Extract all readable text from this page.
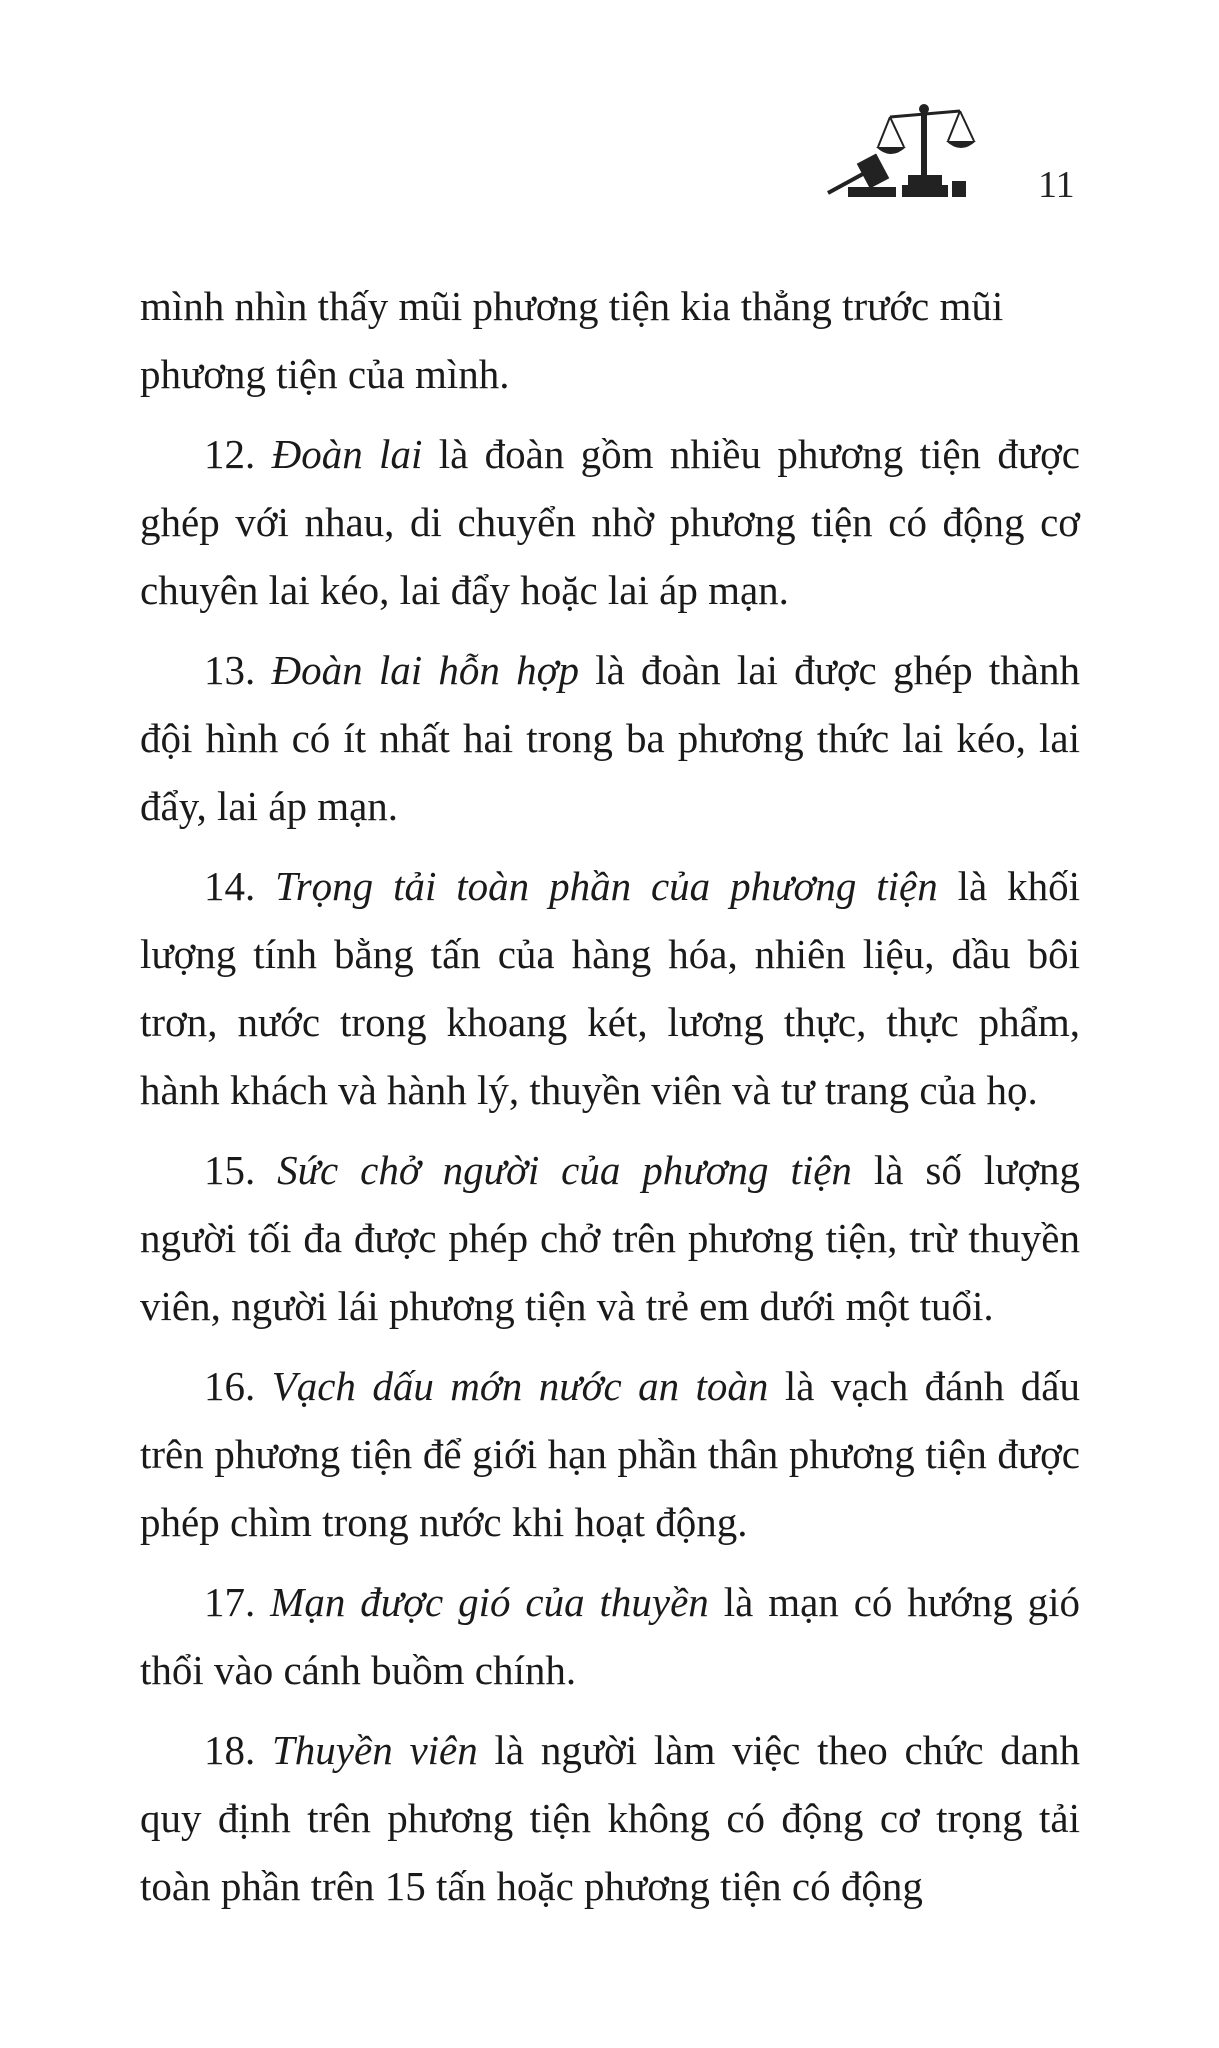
11

mình nhìn thấy mũi phương tiện kia thẳng trước mũi phương tiện của mình.

12. Đoàn lai là đoàn gồm nhiều phương tiện được ghép với nhau, di chuyển nhờ phương tiện có động cơ chuyên lai kéo, lai đẩy hoặc lai áp mạn.

13. Đoàn lai hỗn hợp là đoàn lai được ghép thành đội hình có ít nhất hai trong ba phương thức lai kéo, lai đẩy, lai áp mạn.

14. Trọng tải toàn phần của phương tiện là khối lượng tính bằng tấn của hàng hóa, nhiên liệu, dầu bôi trơn, nước trong khoang két, lương thực, thực phẩm, hành khách và hành lý, thuyền viên và tư trang của họ.

15. Sức chở người của phương tiện là số lượng người tối đa được phép chở trên phương tiện, trừ thuyền viên, người lái phương tiện và trẻ em dưới một tuổi.

16. Vạch dấu mớn nước an toàn là vạch đánh dấu trên phương tiện để giới hạn phần thân phương tiện được phép chìm trong nước khi hoạt động.

17. Mạn được gió của thuyền là mạn có hướng gió thổi vào cánh buồm chính.

18. Thuyền viên là người làm việc theo chức danh quy định trên phương tiện không có động cơ trọng tải toàn phần trên 15 tấn hoặc phương tiện có động
